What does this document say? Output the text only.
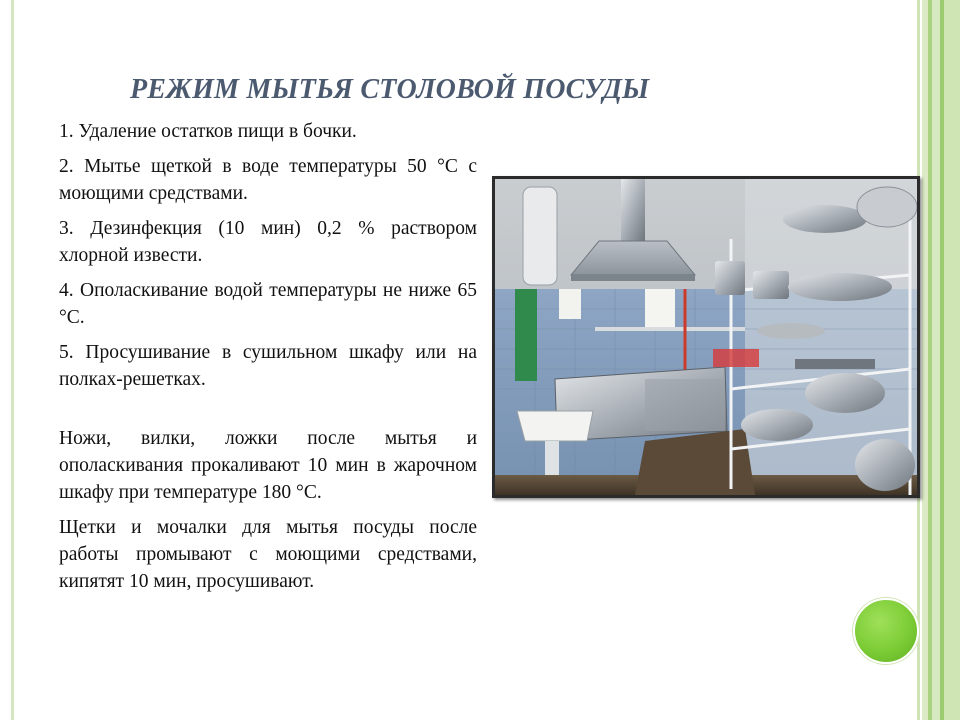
РЕЖИМ МЫТЬЯ СТОЛОВОЙ ПОСУДЫ

1. Удаление остатков пищи в бочки.

2. Мытье щеткой в воде температуры 50 °С с моющими средствами.

3. Дезинфекция (10 мин) 0,2 % раствором хлорной извести.

4. Ополаскивание водой температуры не ниже 65 °С.

5. Просушивание в сушильном шкафу или на полках-решетках.

Ножи, вилки, ложки после мытья и ополаскивания прокаливают 10 мин в жарочном шкафу при температуре 180 °С.

Щетки и мочалки для мытья посуды после работы промывают с моющими средствами, кипятят 10 мин, просушивают.
